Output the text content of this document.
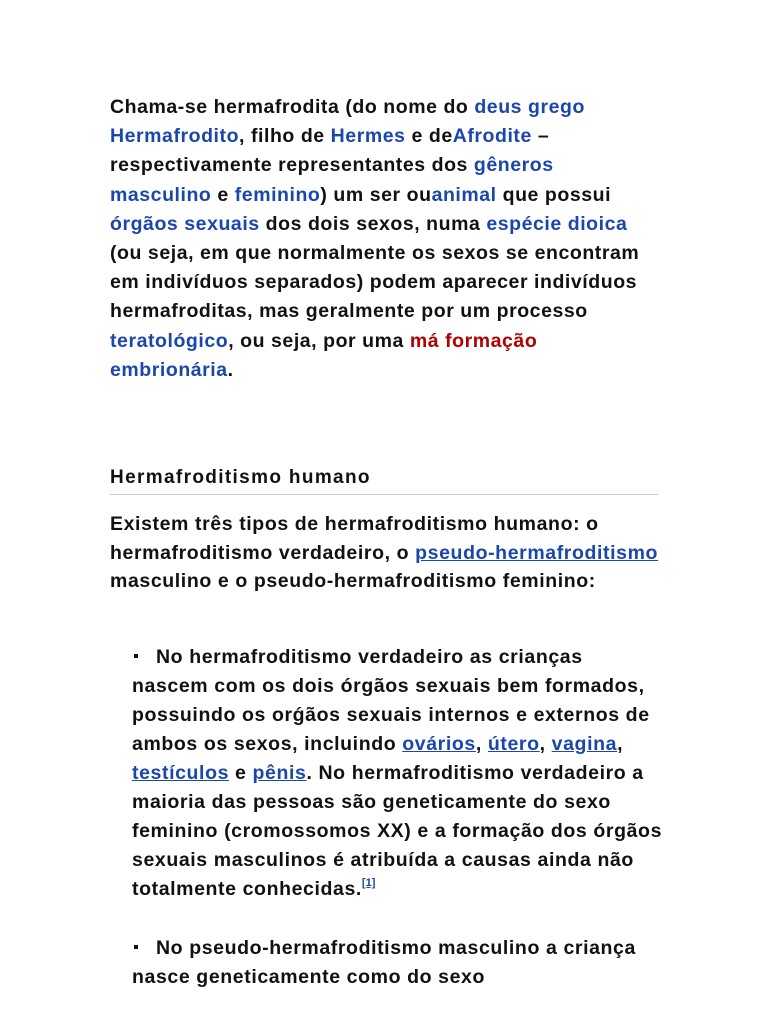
Chama-se hermafrodita (do nome do deus grego Hermafrodito, filho de Hermes e deAfrodite – respectivamente representantes dos gêneros masculino e feminino) um ser ouanimal que possui órgãos sexuais dos dois sexos, numa espécie dioica (ou seja, em que normalmente os sexos se encontram em indivíduos separados) podem aparecer indivíduos hermafroditas, mas geralmente por um processo teratológico, ou seja, por uma má formação embrionária.

Hermafroditismo humano

Existem três tipos de hermafroditismo humano: o hermafroditismo verdadeiro, o pseudo-hermafroditismo masculino e o pseudo-hermafroditismo feminino:

No hermafroditismo verdadeiro as crianças nascem com os dois órgãos sexuais bem formados, possuindo os orǵãos sexuais internos e externos de ambos os sexos, incluindo ovários, útero, vagina, testículos e pênis. No hermafroditismo verdadeiro a maioria das pessoas são geneticamente do sexo feminino (cromossomos XX) e a formação dos órgãos sexuais masculinos é atribuída a causas ainda não totalmente conhecidas.[1]

No pseudo-hermafroditismo masculino a criança nasce geneticamente como do sexo
